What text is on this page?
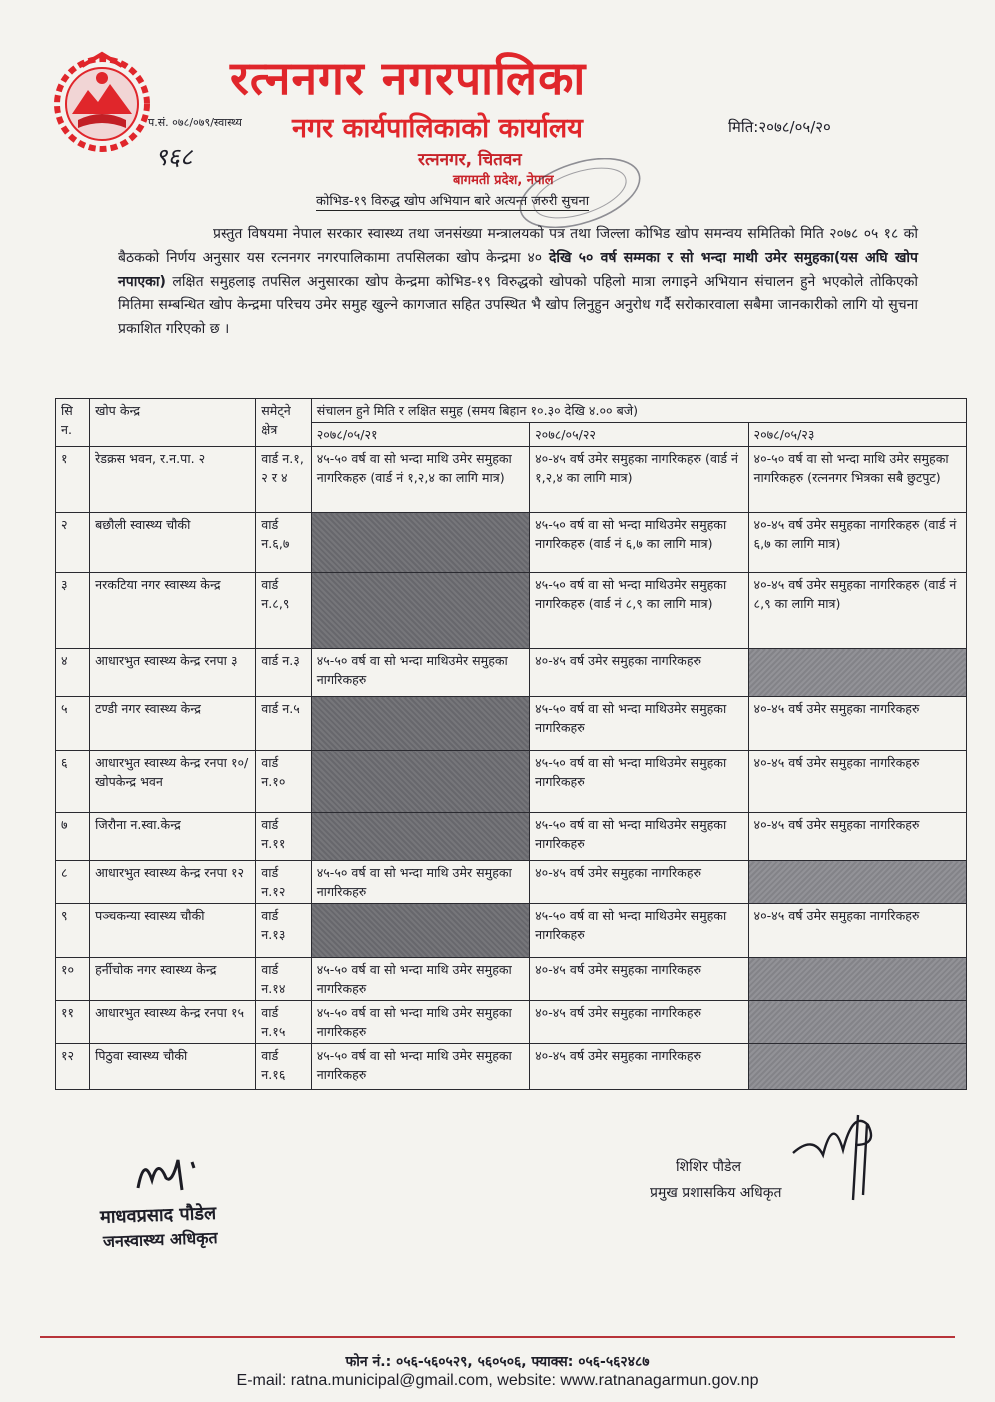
रत्ननगर नगरपालिका
नगर कार्यपालिकाको कार्यालय
प.सं. ०७८/०७९/स्वास्थ्य
९६८
मिति:२०७८/०५/२०
रत्ननगर, चितवन
बागमती प्रदेश, नेपाल
कोभिड-१९ विरुद्ध खोप अभियान बारे अत्यन्त जरुरी सुचना
प्रस्तुत विषयमा नेपाल सरकार स्वास्थ्य तथा जनसंख्या मन्त्रालयको पत्र तथा जिल्ला कोभिड खोप समन्वय समितिको मिति २०७८ ०५ १८ को बैठकको निर्णय अनुसार यस रत्ननगर नगरपालिकामा तपसिलका खोप केन्द्रमा ४० देखि ५० वर्ष सम्मका र सो भन्दा माथी उमेर समुहका(यस अघि खोप नपाएका) लक्षित समुहलाइ तपसिल अनुसारका खोप केन्द्रमा कोभिड-१९ विरुद्धको खोपको पहिलो मात्रा लगाइने अभियान संचालन हुने भएकोले तोकिएको मितिमा सम्बन्धित खोप केन्द्रमा परिचय उमेर समुह खुल्ने कागजात सहित उपस्थित भै खोप लिनुहुन अनुरोध गर्दै सरोकारवाला सबैमा जानकारीको लागि यो सुचना प्रकाशित गरिएको छ ।
सि न.	खोप केन्द्र	समेट्ने क्षेत्र	संचालन हुने मिति र लक्षित समुह (समय बिहान १०.३० देखि ४.०० बजे)		
			२०७८/०५/२१	२०७८/०५/२२	२०७८/०५/२३
१	रेडक्रस भवन, र.न.पा. २	वार्ड न.१, २ र ४	४५-५० वर्ष वा सो भन्दा माथि उमेर समुहका नागरिकहरु (वार्ड नं १,२,४ का लागि मात्र)	४०-४५ वर्ष उमेर समुहका नागरिकहरु (वार्ड नं १,२,४ का लागि मात्र)	४०-५० वर्ष वा सो भन्दा माथि उमेर समुहका नागरिकहरु (रत्ननगर भित्रका सबै छुटपुट)
२	बछौली स्वास्थ्य चौकी	वार्ड न.६,७		४५-५० वर्ष वा सो भन्दा माथिउमेर समुहका नागरिकहरु (वार्ड नं ६,७ का लागि मात्र)	४०-४५ वर्ष उमेर समुहका नागरिकहरु (वार्ड नं ६,७ का लागि मात्र)
३	नरकटिया नगर स्वास्थ्य केन्द्र	वार्ड न.८,९		४५-५० वर्ष वा सो भन्दा माथिउमेर समुहका नागरिकहरु (वार्ड नं ८,९ का लागि मात्र)	४०-४५ वर्ष उमेर समुहका नागरिकहरु (वार्ड नं ८,९ का लागि मात्र)
४	आधारभुत स्वास्थ्य केन्द्र रनपा ३	वार्ड न.३	४५-५० वर्ष वा सो भन्दा माथिउमेर समुहका नागरिकहरु	४०-४५ वर्ष उमेर समुहका नागरिकहरु	
५	टण्डी नगर स्वास्थ्य केन्द्र	वार्ड न.५		४५-५० वर्ष वा सो भन्दा माथिउमेर समुहका नागरिकहरु	४०-४५ वर्ष उमेर समुहका नागरिकहरु
६	आधारभुत स्वास्थ्य केन्द्र रनपा १०/ खोपकेन्द्र भवन	वार्ड न.१०		४५-५० वर्ष वा सो भन्दा माथिउमेर समुहका नागरिकहरु	४०-४५ वर्ष उमेर समुहका नागरिकहरु
७	जिरौना न.स्वा.केन्द्र	वार्ड न.११		४५-५० वर्ष वा सो भन्दा माथिउमेर समुहका नागरिकहरु	४०-४५ वर्ष उमेर समुहका नागरिकहरु
८	आधारभुत स्वास्थ्य केन्द्र रनपा १२	वार्ड न.१२	४५-५० वर्ष वा सो भन्दा माथि उमेर समुहका नागरिकहरु	४०-४५ वर्ष उमेर समुहका नागरिकहरु	
९	पञ्चकन्या स्वास्थ्य चौकी	वार्ड न.१३		४५-५० वर्ष वा सो भन्दा माथिउमेर समुहका नागरिकहरु	४०-४५ वर्ष उमेर समुहका नागरिकहरु
१०	हर्नीचोक नगर स्वास्थ्य केन्द्र	वार्ड न.१४	४५-५० वर्ष वा सो भन्दा माथि उमेर समुहका नागरिकहरु	४०-४५ वर्ष उमेर समुहका नागरिकहरु	
११	आधारभुत स्वास्थ्य केन्द्र रनपा १५	वार्ड न.१५	४५-५० वर्ष वा सो भन्दा माथि उमेर समुहका नागरिकहरु	४०-४५ वर्ष उमेर समुहका नागरिकहरु	
१२	पिठुवा स्वास्थ्य चौकी	वार्ड न.१६	४५-५० वर्ष वा सो भन्दा माथि उमेर समुहका नागरिकहरु	४०-४५ वर्ष उमेर समुहका नागरिकहरु	
माधवप्रसाद पौडेल
जनस्वास्थ्य अधिकृत
शिशिर पौडेल
प्रमुख प्रशासकिय अधिकृत
फोन नं.: ०५६-५६०५२९, ५६०५०६, फ्याक्स: ०५६-५६२४८७
E-mail: ratna.municipal@gmail.com, website: www.ratnanagarmun.gov.np
